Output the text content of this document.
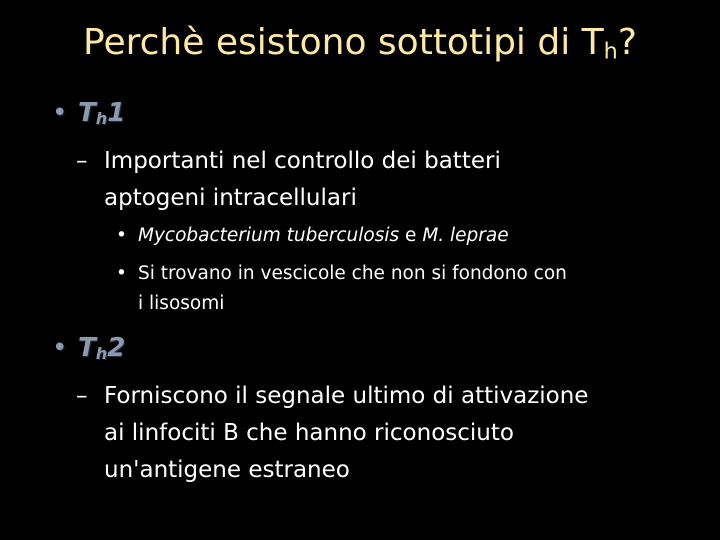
Perchè esistono sottotipi di $T_h$?
• $T_h1$
– Importanti nel controllo dei batteri
aptogeni intracellulari
• Mycobacterium tuberculosis e M. leprae
• Si trovano in vescicole che non si fondono con
i lisosomi
• $T_h2$
– Forniscono il segnale ultimo di attivazione
ai linfociti B che hanno riconosciuto
un'antigene estraneo
